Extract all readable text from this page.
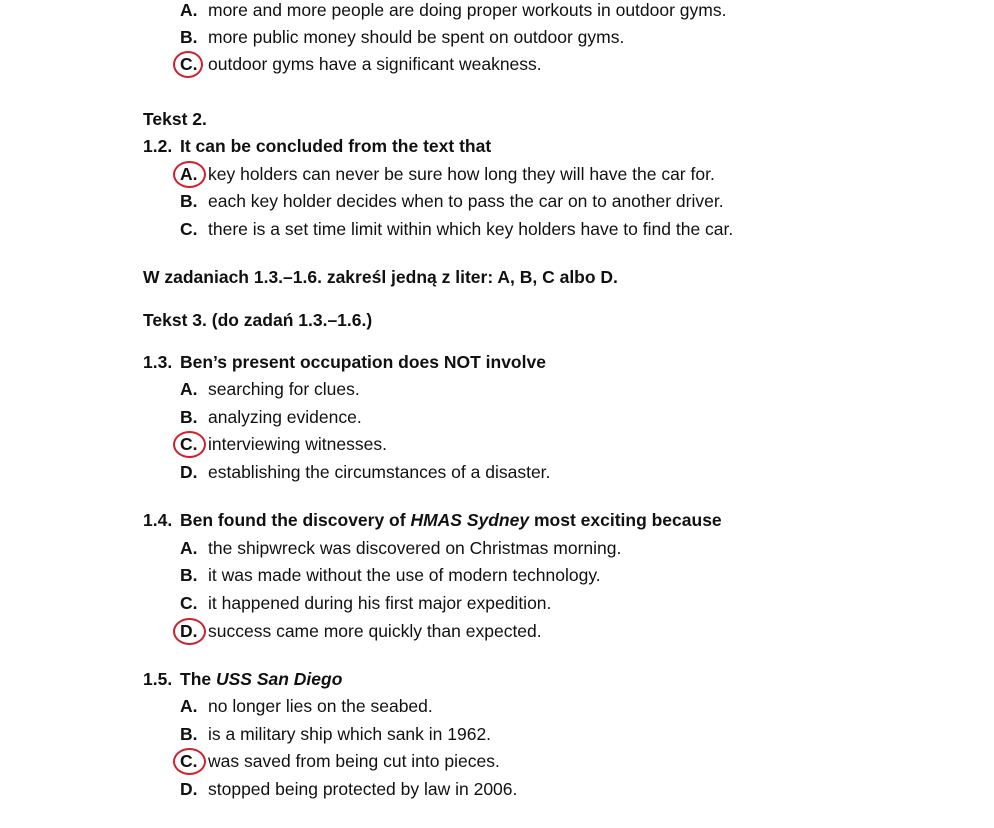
A. more and more people are doing proper workouts in outdoor gyms.
B. more public money should be spent on outdoor gyms.
C. outdoor gyms have a significant weakness.
Tekst 2.
1.2. It can be concluded from the text that
A. key holders can never be sure how long they will have the car for.
B. each key holder decides when to pass the car on to another driver.
C. there is a set time limit within which key holders have to find the car.
W zadaniach 1.3.–1.6. zakreśl jedną z liter: A, B, C albo D.
Tekst 3. (do zadań 1.3.–1.6.)
1.3. Ben’s present occupation does NOT involve
A. searching for clues.
B. analyzing evidence.
C. interviewing witnesses.
D. establishing the circumstances of a disaster.
1.4. Ben found the discovery of HMAS Sydney most exciting because
A. the shipwreck was discovered on Christmas morning.
B. it was made without the use of modern technology.
C. it happened during his first major expedition.
D. success came more quickly than expected.
1.5. The USS San Diego
A. no longer lies on the seabed.
B. is a military ship which sank in 1962.
C. was saved from being cut into pieces.
D. stopped being protected by law in 2006.
